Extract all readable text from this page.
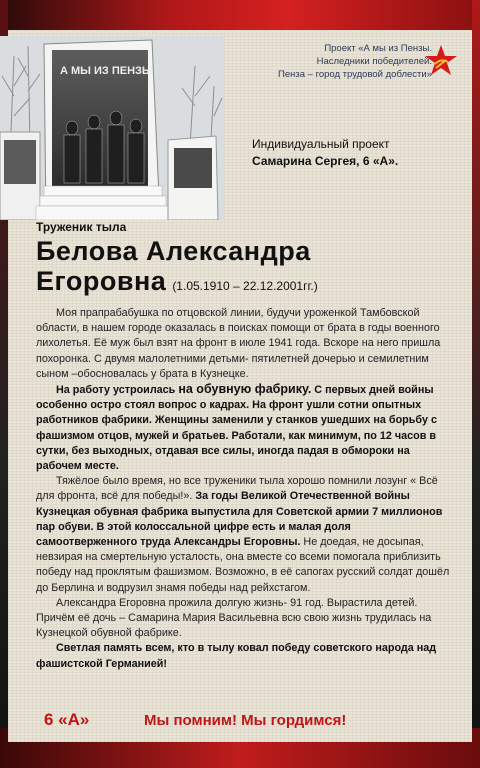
А МЫ ИЗ ПЕНЗЫ
Проект «А мы из Пензы.
Наследники победителей.
Пенза – город трудовой доблести»
Индивидуальный проект
Самарина Сергея, 6 «А».
Труженик тыла
Белова Александра
Егоровна (1.05.1910 – 22.12.2001гг.)

Моя прапрабабушка по отцовской линии, будучи уроженкой Тамбовской области, в нашем городе оказалась в поисках помощи от брата в годы военного лихолетья. Её муж был взят на фронт в июле 1941 года. Вскоре на него пришла похоронка. С двумя малолетними детьми- пятилетней дочерью и семилетним сыном –обосновалась у брата в Кузнецке.

На работу устроилась на обувную фабрику. С первых дней войны особенно остро стоял вопрос о кадрах. На фронт ушли сотни опытных работников фабрики. Женщины заменили у станков ушедших на борьбу с фашизмом отцов, мужей и братьев. Работали, как минимум, по 12 часов в сутки, без выходных, отдавая все силы, иногда падая в обмороки на рабочем месте.

Тяжёлое было время, но все труженики тыла хорошо помнили лозунг « Всё для фронта, всё для победы!». За годы Великой Отечественной войны Кузнецкая обувная фабрика выпустила для Советской армии 7 миллионов пар обуви. В этой колоссальной цифре есть и малая доля самоотверженного труда Александры Егоровны. Не доедая, не досыпая, невзирая на смертельную усталость, она вместе со всеми помогала приблизить победу над проклятым фашизмом. Возможно, в её сапогах русский солдат дошёл до Берлина и водрузил знамя победы над рейхстагом.

Александра Егоровна прожила долгую жизнь- 91 год. Вырастила детей. Причём её дочь – Самарина Мария Васильевна всю свою жизнь трудилась на Кузнецкой обувной фабрике.

Светлая память всем, кто в тылу ковал победу советского народа над фашистской Германией!

6 «А»	Мы помним! Мы гордимся!
